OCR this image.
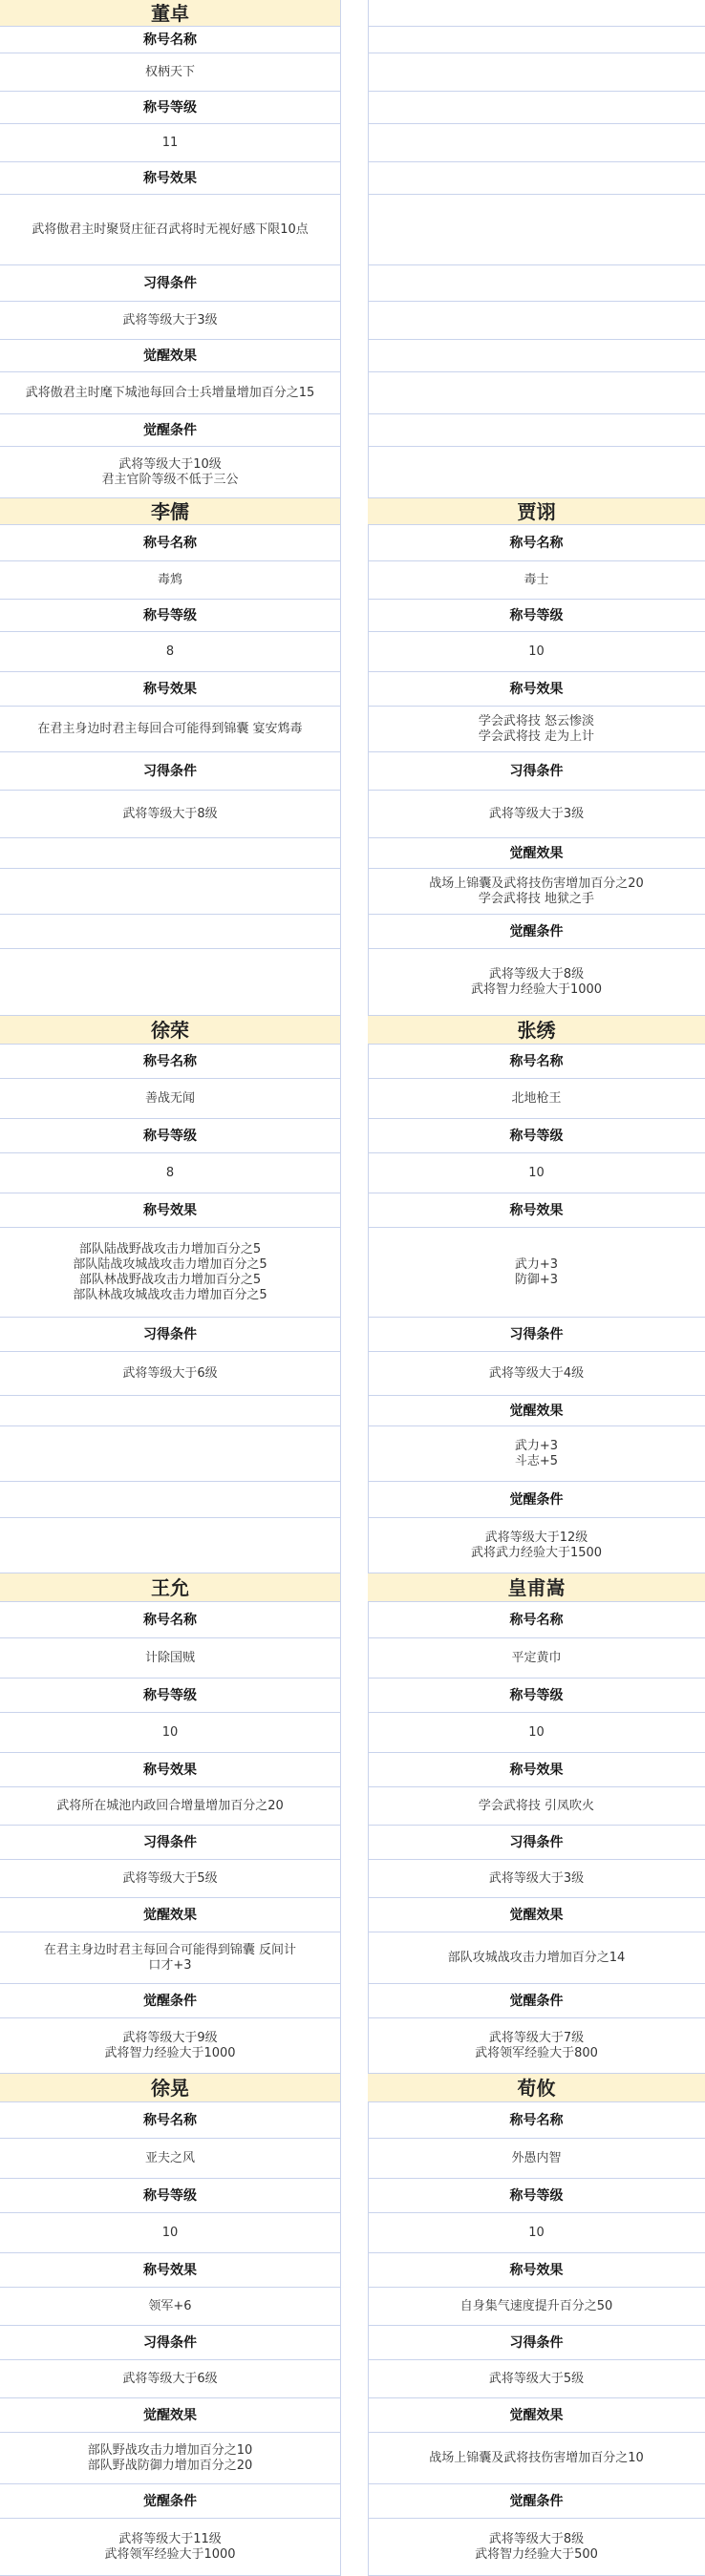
董卓
称号名称
权柄天下
称号等级
11
称号效果
武将傲君主时聚贤庄征召武将时无视好感下限10点
习得条件
武将等级大于3级
觉醒效果
武将傲君主时麾下城池每回合士兵增量增加百分之15
觉醒条件
武将等级大于10级
君主官阶等级不低于三公
李儒
称号名称
毒鸩
称号等级
8
称号效果
在君主身边时君主每回合可能得到锦囊 宴安鸩毒
习得条件
武将等级大于8级
贾诩
称号名称
毒士
称号等级
10
称号效果
学会武将技 怒云惨淡
学会武将技 走为上计
习得条件
武将等级大于3级
觉醒效果
战场上锦囊及武将技伤害增加百分之20
学会武将技 地狱之手
觉醒条件
武将等级大于8级
武将智力经验大于1000
徐荣
称号名称
善战无闻
称号等级
8
称号效果
部队陆战野战攻击力增加百分之5
部队陆战攻城战攻击力增加百分之5
部队林战野战攻击力增加百分之5
部队林战攻城战攻击力增加百分之5
习得条件
武将等级大于6级
张绣
称号名称
北地枪王
称号等级
10
称号效果
武力+3
防御+3
习得条件
武将等级大于4级
觉醒效果
武力+3
斗志+5
觉醒条件
武将等级大于12级
武将武力经验大于1500
王允
称号名称
计除国贼
称号等级
10
称号效果
武将所在城池内政回合增量增加百分之20
习得条件
武将等级大于5级
觉醒效果
在君主身边时君主每回合可能得到锦囊 反间计
口才+3
觉醒条件
武将等级大于9级
武将智力经验大于1000
皇甫嵩
称号名称
平定黄巾
称号等级
10
称号效果
学会武将技 引凤吹火
习得条件
武将等级大于3级
觉醒效果
部队攻城战攻击力增加百分之14
觉醒条件
武将等级大于7级
武将领军经验大于800
徐晃
称号名称
亚夫之风
称号等级
10
称号效果
领军+6
习得条件
武将等级大于6级
觉醒效果
部队野战攻击力增加百分之10
部队野战防御力增加百分之20
觉醒条件
武将等级大于11级
武将领军经验大于1000
荀攸
称号名称
外愚内智
称号等级
10
称号效果
自身集气速度提升百分之50
习得条件
武将等级大于5级
觉醒效果
战场上锦囊及武将技伤害增加百分之10
觉醒条件
武将等级大于8级
武将智力经验大于500
